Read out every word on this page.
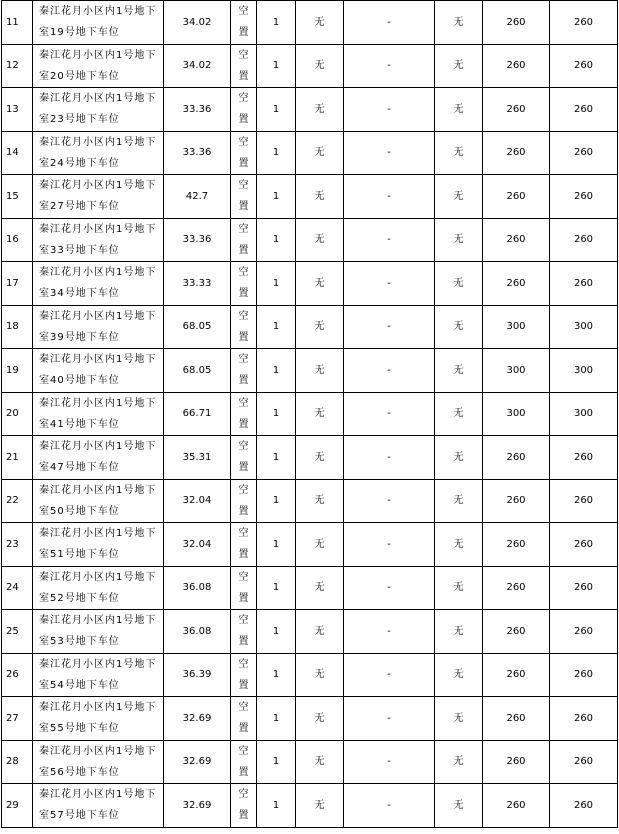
11	秦江花月小区内1号地下
室19号地下车位	34.02	空
置	1	无	-	无	260	260

12	秦江花月小区内1号地下
室20号地下车位	34.02	空
置	1	无	-	无	260	260

13	秦江花月小区内1号地下
室23号地下车位	33.36	空
置	1	无	-	无	260	260

14	秦江花月小区内1号地下
室24号地下车位	33.36	空
置	1	无	-	无	260	260

15	秦江花月小区内1号地下
室27号地下车位	42.7	空
置	1	无	-	无	260	260

16	秦江花月小区内1号地下
室33号地下车位	33.36	空
置	1	无	-	无	260	260

17	秦江花月小区内1号地下
室34号地下车位	33.33	空
置	1	无	-	无	260	260

18	秦江花月小区内1号地下
室39号地下车位	68.05	空
置	1	无	-	无	300	300

19	秦江花月小区内1号地下
室40号地下车位	68.05	空
置	1	无	-	无	300	300

20	秦江花月小区内1号地下
室41号地下车位	66.71	空
置	1	无	-	无	300	300

21	秦江花月小区内1号地下
室47号地下车位	35.31	空
置	1	无	-	无	260	260

22	秦江花月小区内1号地下
室50号地下车位	32.04	空
置	1	无	-	无	260	260

23	秦江花月小区内1号地下
室51号地下车位	32.04	空
置	1	无	-	无	260	260

24	秦江花月小区内1号地下
室52号地下车位	36.08	空
置	1	无	-	无	260	260

25	秦江花月小区内1号地下
室53号地下车位	36.08	空
置	1	无	-	无	260	260

26	秦江花月小区内1号地下
室54号地下车位	36.39	空
置	1	无	-	无	260	260

27	秦江花月小区内1号地下
室55号地下车位	32.69	空
置	1	无	-	无	260	260

28	秦江花月小区内1号地下
室56号地下车位	32.69	空
置	1	无	-	无	260	260

29	秦江花月小区内1号地下
室57号地下车位	32.69	空
置	1	无	-	无	260	260
